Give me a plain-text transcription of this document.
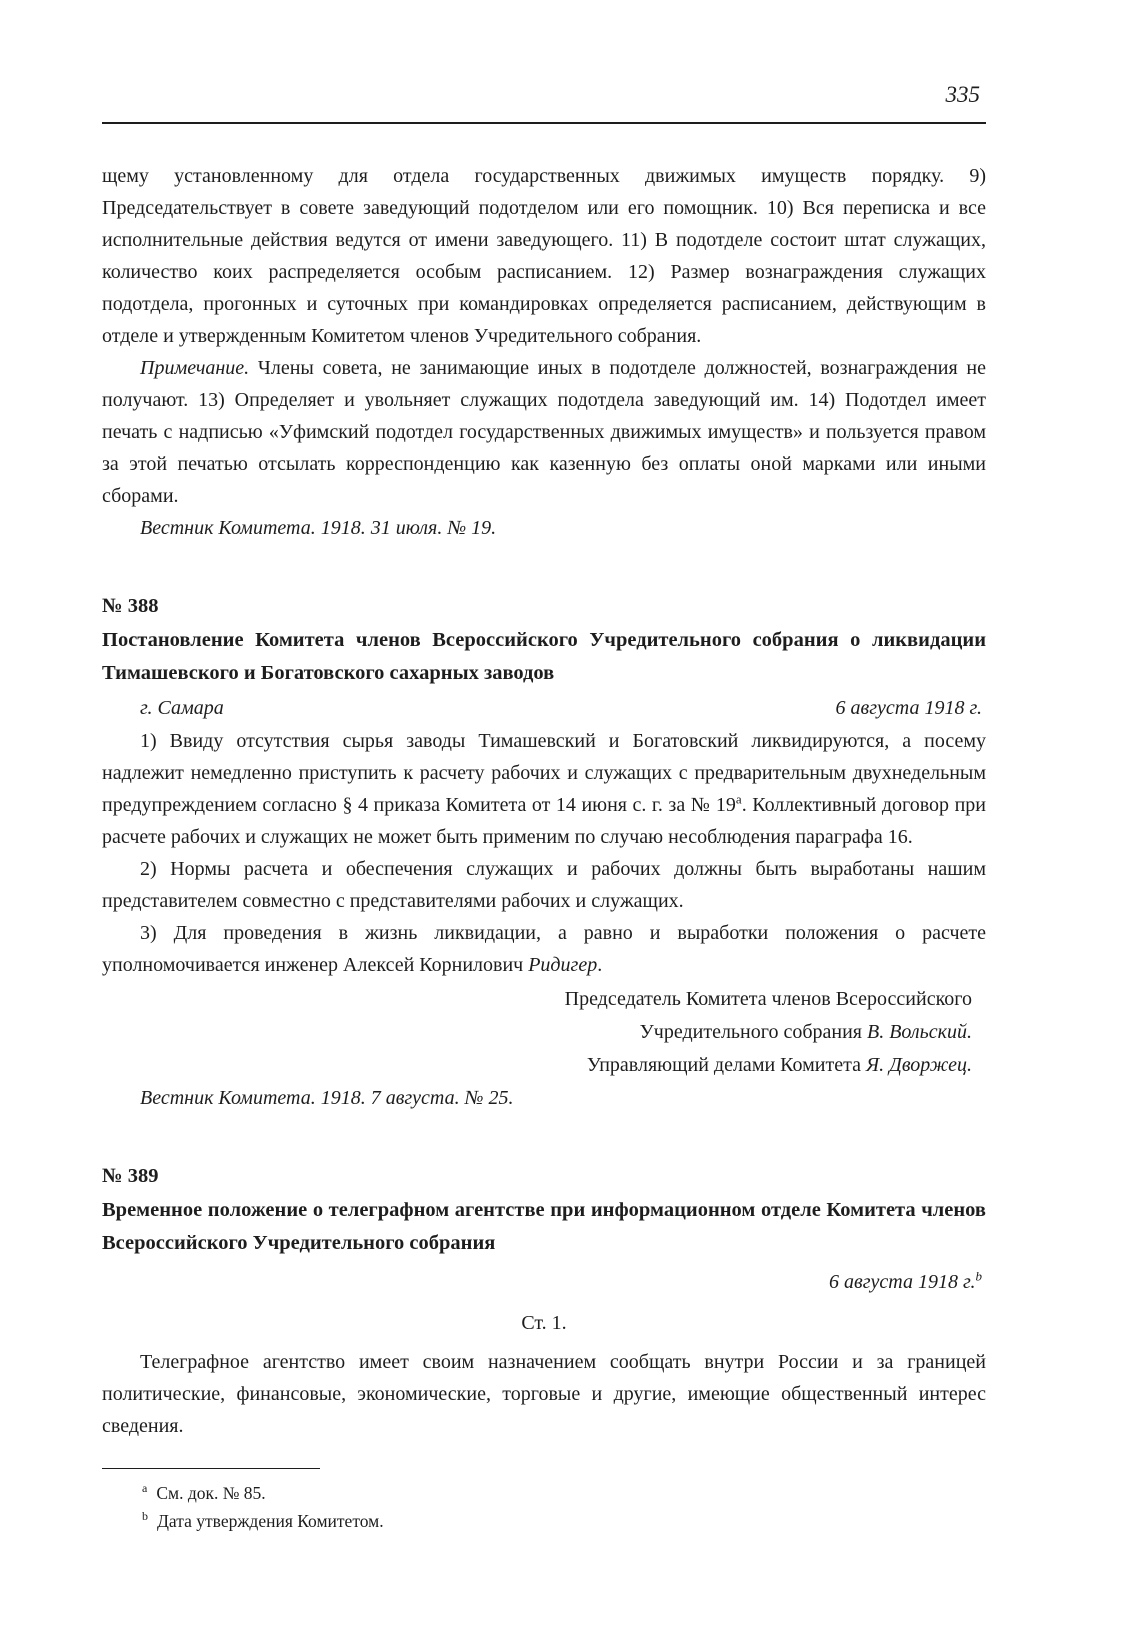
335

щему установленному для отдела государственных движимых имуществ порядку. 9) Председательствует в совете заведующий подотделом или его помощник. 10) Вся переписка и все исполнительные действия ведутся от имени заведующего. 11) В подотделе состоит штат служащих, количество коих распределяется особым расписанием. 12) Размер вознаграждения служащих подотдела, прогонных и суточных при командировках определяется расписанием, действующим в отделе и утвержденным Комитетом членов Учредительного собрания.

Примечание. Члены совета, не занимающие иных в подотделе должностей, вознаграждения не получают. 13) Определяет и увольняет служащих подотдела заведующий им. 14) Подотдел имеет печать с надписью «Уфимский подотдел государственных движимых имуществ» и пользуется правом за этой печатью отсылать корреспонденцию как казенную без оплаты оной марками или иными сборами.

Вестник Комитета. 1918. 31 июля. № 19.

№ 388
Постановление Комитета членов Всероссийского Учредительного собрания о ликвидации Тимашевского и Богатовского сахарных заводов
г. Самара	6 августа 1918 г.

1) Ввиду отсутствия сырья заводы Тимашевский и Богатовский ликвидируются, а посему надлежит немедленно приступить к расчету рабочих и служащих с предварительным двухнедельным предупреждением согласно § 4 приказа Комитета от 14 июня с. г. за № 19$^a$. Коллективный договор при расчете рабочих и служащих не может быть применим по случаю несоблюдения параграфа 16.

2) Нормы расчета и обеспечения служащих и рабочих должны быть выработаны нашим представителем совместно с представителями рабочих и служащих.

3) Для проведения в жизнь ликвидации, а равно и выработки положения о расчете уполномочивается инженер Алексей Корнилович Ридигер.

Председатель Комитета членов Всероссийского
Учредительного собрания В. Вольский.
Управляющий делами Комитета Я. Дворжец.

Вестник Комитета. 1918. 7 августа. № 25.

№ 389
Временное положение о телеграфном агентстве при информационном отделе Комитета членов Всероссийского Учредительного собрания
6 августа 1918 г.$^b$
Ст. 1.

Телеграфное агентство имеет своим назначением сообщать внутри России и за границей политические, финансовые, экономические, торговые и другие, имеющие общественный интерес сведения.

$^a$ См. док. № 85.
$^b$ Дата утверждения Комитетом.
